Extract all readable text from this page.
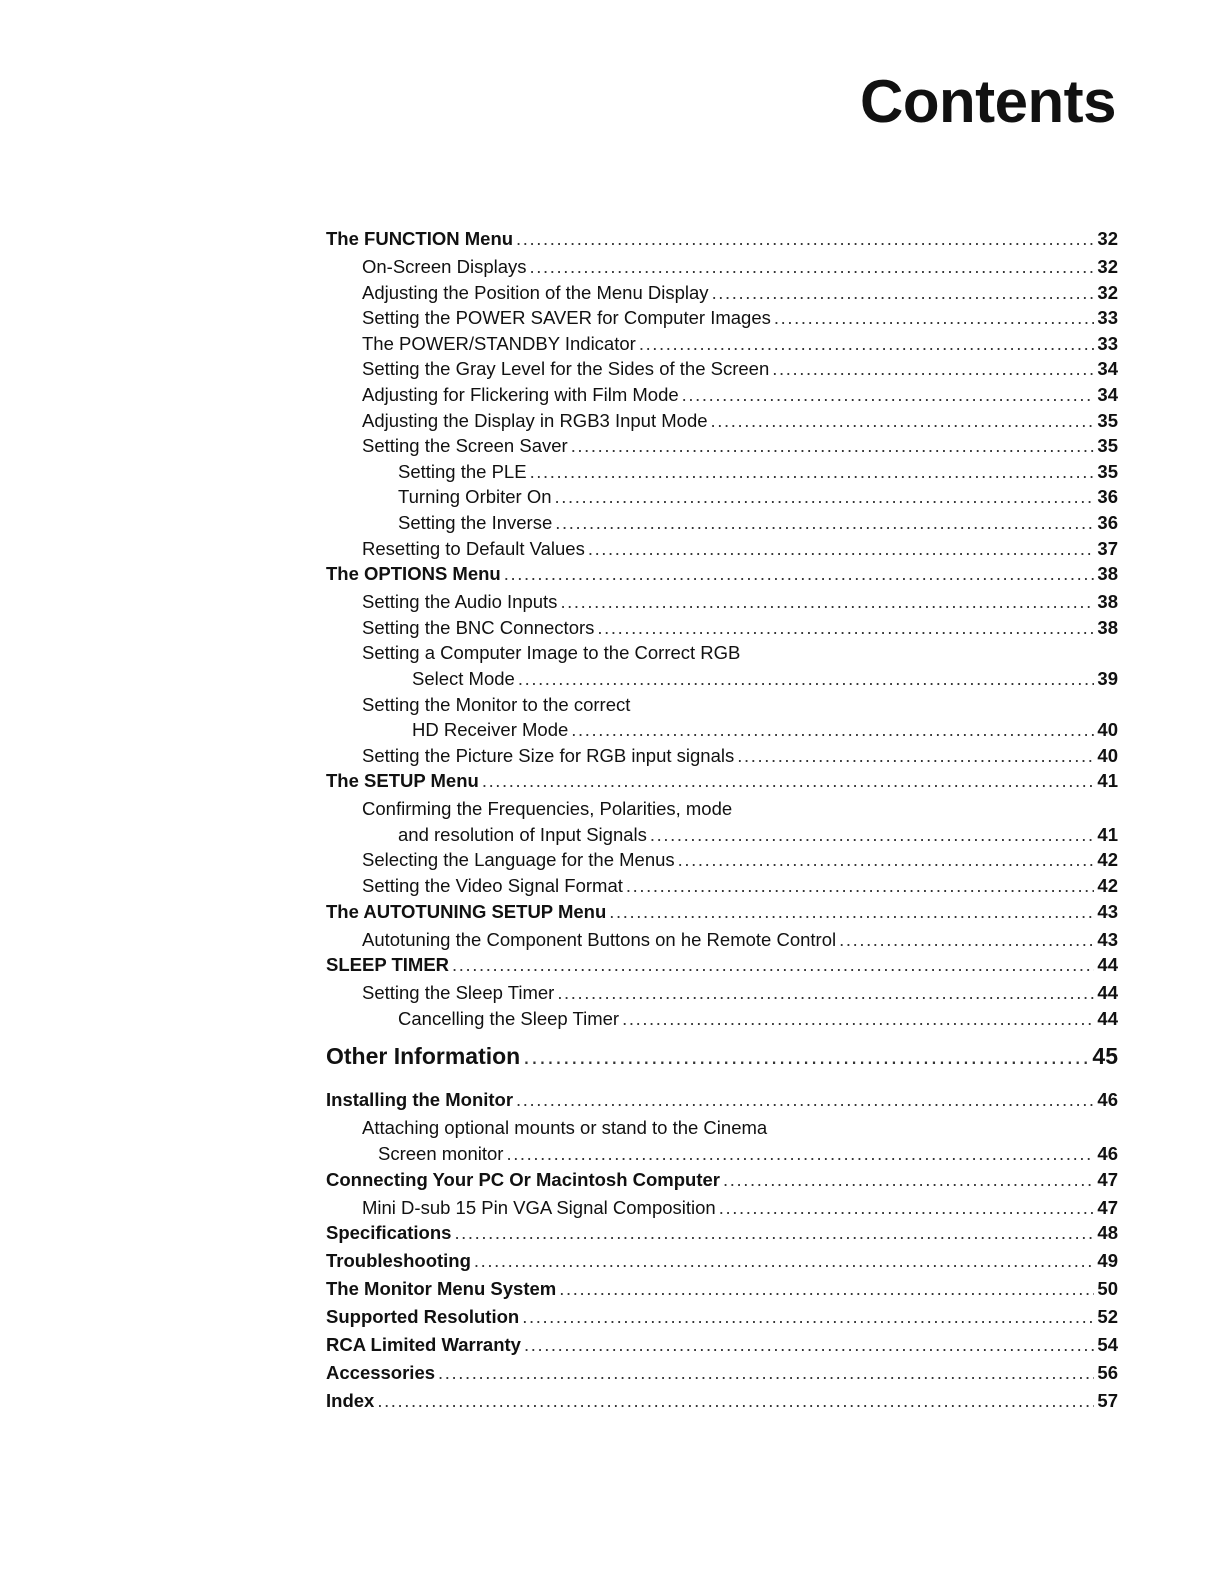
Contents
The FUNCTION Menu .....	32
On-Screen Displays .....	32
Adjusting the Position of the Menu Display .....	32
Setting the POWER SAVER for Computer Images .....	33
The POWER/STANDBY Indicator .....	33
Setting the Gray Level for the Sides of the Screen .....	34
Adjusting for Flickering with Film Mode .....	34
Adjusting the Display in RGB3 Input Mode .....	35
Setting the Screen Saver .....	35
Setting the PLE .....	35
Turning Orbiter On .....	36
Setting the Inverse .....	36
Resetting to Default Values .....	37
The OPTIONS Menu .....	38
Setting the Audio Inputs .....	38
Setting the BNC Connectors .....	38
Setting a Computer Image to the Correct RGB
Select Mode .....	39
Setting the Monitor to the correct
HD Receiver Mode .....	40
Setting the Picture Size for RGB input signals .....	40
The SETUP Menu .....	41
Confirming the Frequencies, Polarities, mode
and resolution of Input Signals .....	41
Selecting the Language for the Menus .....	42
Setting the Video Signal Format .....	42
The AUTOTUNING SETUP Menu .....	43
Autotuning the Component Buttons on he Remote Control .....	43
SLEEP TIMER .....	44
Setting the Sleep Timer .....	44
Cancelling the Sleep Timer .....	44
Other Information .....	45
Installing the Monitor .....	46
Attaching optional mounts or stand to the Cinema
Screen monitor .....	46
Connecting Your PC Or Macintosh Computer .....	47
Mini D-sub 15 Pin VGA Signal Composition .....	47
Specifications .....	48
Troubleshooting .....	49
The Monitor Menu System .....	50
Supported Resolution .....	52
RCA Limited Warranty .....	54
Accessories .....	56
Index .....	57
